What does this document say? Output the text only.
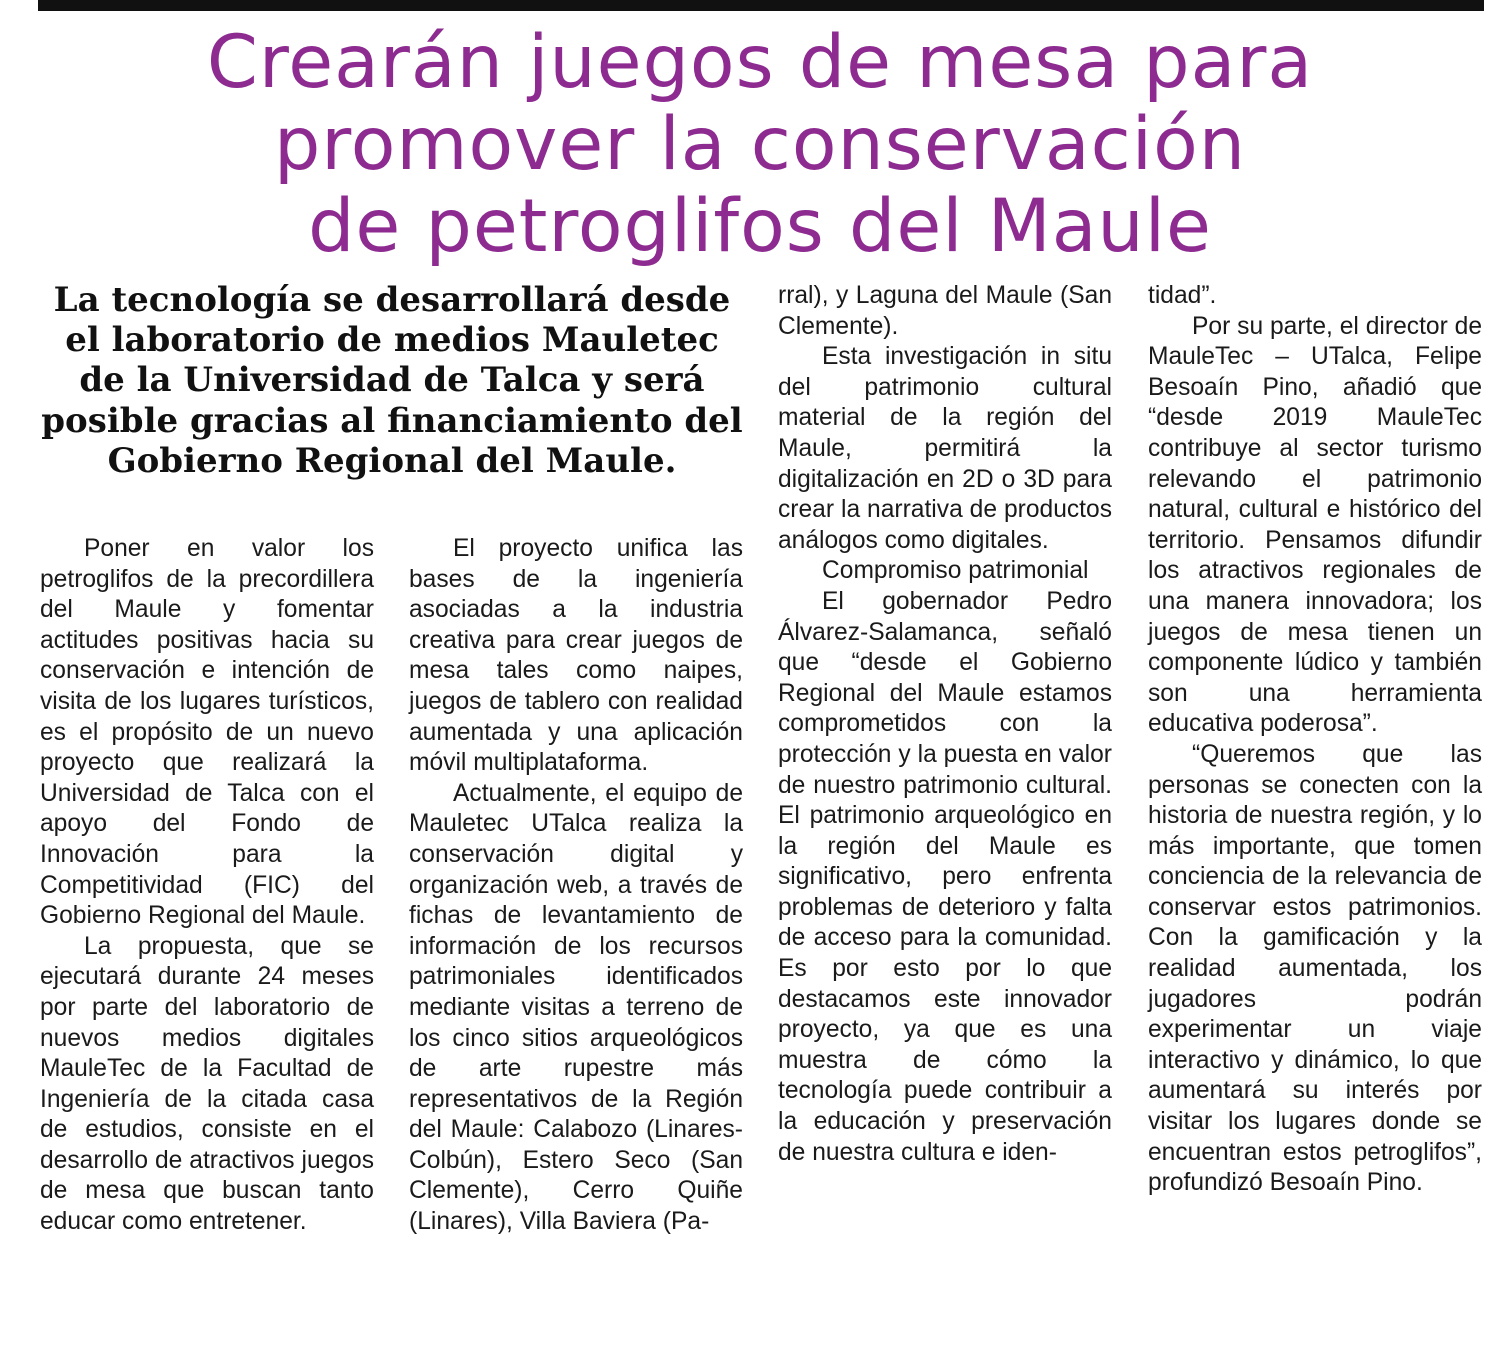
Crearán juegos de mesa para
promover la conservación
de petroglifos del Maule
La tecnología se desarrollará desde el laboratorio de medios Mauletec de la Universidad de Talca y será posible gracias al financiamiento del Gobierno Regional del Maule.

Poner en valor los petroglifos de la precordillera del Maule y fomentar actitudes positivas hacia su conservación e intención de visita de los lugares turísticos, es el propósito de un nuevo proyecto que realizará la Universidad de Talca con el apoyo del Fondo de Innovación para la Competitividad (FIC) del Gobierno Regional del Maule.

La propuesta, que se ejecutará durante 24 meses por parte del laboratorio de nuevos medios digitales MauleTec de la Facultad de Ingeniería de la citada casa de estudios, consiste en el desarrollo de atractivos juegos de mesa que buscan tanto educar como entretener.

El proyecto unifica las bases de la ingeniería asociadas a la industria creativa para crear juegos de mesa tales como naipes, juegos de tablero con realidad aumentada y una aplicación móvil multiplataforma.

Actualmente, el equipo de Mauletec UTalca realiza la conservación digital y organización web, a través de fichas de levantamiento de información de los recursos patrimoniales identificados mediante visitas a terreno de los cinco sitios arqueológicos de arte rupestre más representativos de la Región del Maule: Calabozo (Linares-Colbún), Estero Seco (San Clemente), Cerro Quiñe (Linares), Villa Baviera (Pa-

rral), y Laguna del Maule (San Clemente).

Esta investigación in situ del patrimonio cultural material de la región del Maule, permitirá la digitalización en 2D o 3D para crear la narrativa de productos análogos como digitales.

Compromiso patrimonial

El gobernador Pedro Álvarez-Salamanca, señaló que “desde el Gobierno Regional del Maule estamos comprometidos con la protección y la puesta en valor de nuestro patrimonio cultural. El patrimonio arqueológico en la región del Maule es significativo, pero enfrenta problemas de deterioro y falta de acceso para la comunidad. Es por esto por lo que destacamos este innovador proyecto, ya que es una muestra de cómo la tecnología puede contribuir a la educación y preservación de nuestra cultura e iden-

tidad”.

Por su parte, el director de MauleTec – UTalca, Felipe Besoaín Pino, añadió que “desde 2019 MauleTec contribuye al sector turismo relevando el patrimonio natural, cultural e histórico del territorio. Pensamos difundir los atractivos regionales de una manera innovadora; los juegos de mesa tienen un componente lúdico y también son una herramienta educativa poderosa”.

“Queremos que las personas se conecten con la historia de nuestra región, y lo más importante, que tomen conciencia de la relevancia de conservar estos patrimonios. Con la gamificación y la realidad aumentada, los jugadores podrán experimentar un viaje interactivo y dinámico, lo que aumentará su interés por visitar los lugares donde se encuentran estos petroglifos”, profundizó Besoaín Pino.
